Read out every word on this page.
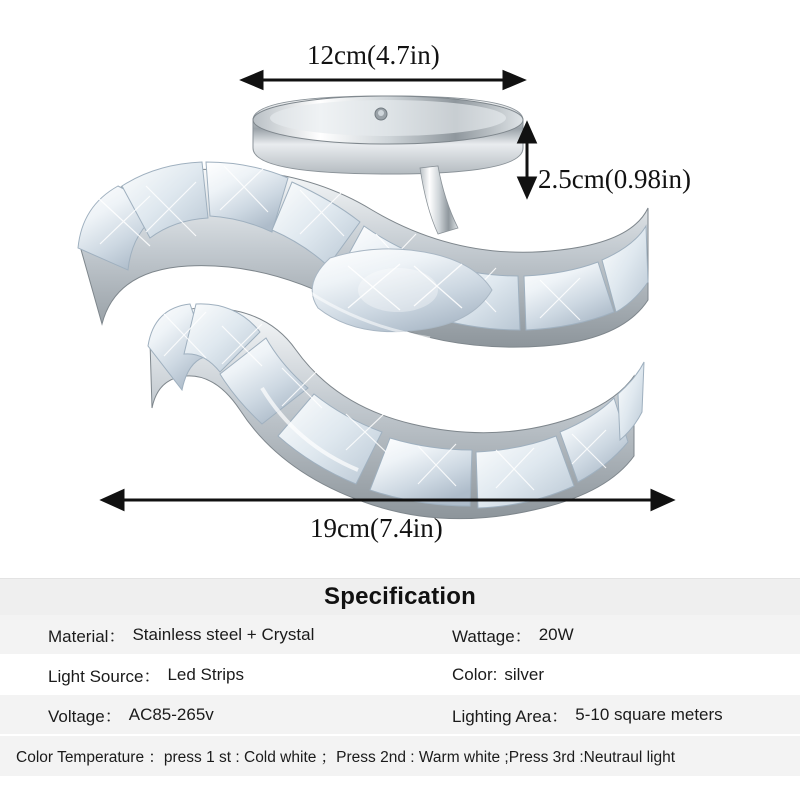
12cm(4.7in)
2.5cm(0.98in)
19cm(7.4in)
Specification
Material： Stainless steel + Crystal	Wattage： 20W
Light Source： Led Strips	Color: silver
Voltage： AC85-265v	Lighting Area： 5-10 square meters
Color Temperature ：press 1 st : Cold white ；Press 2nd : Warm white ;Press 3rd :Neutraul light
